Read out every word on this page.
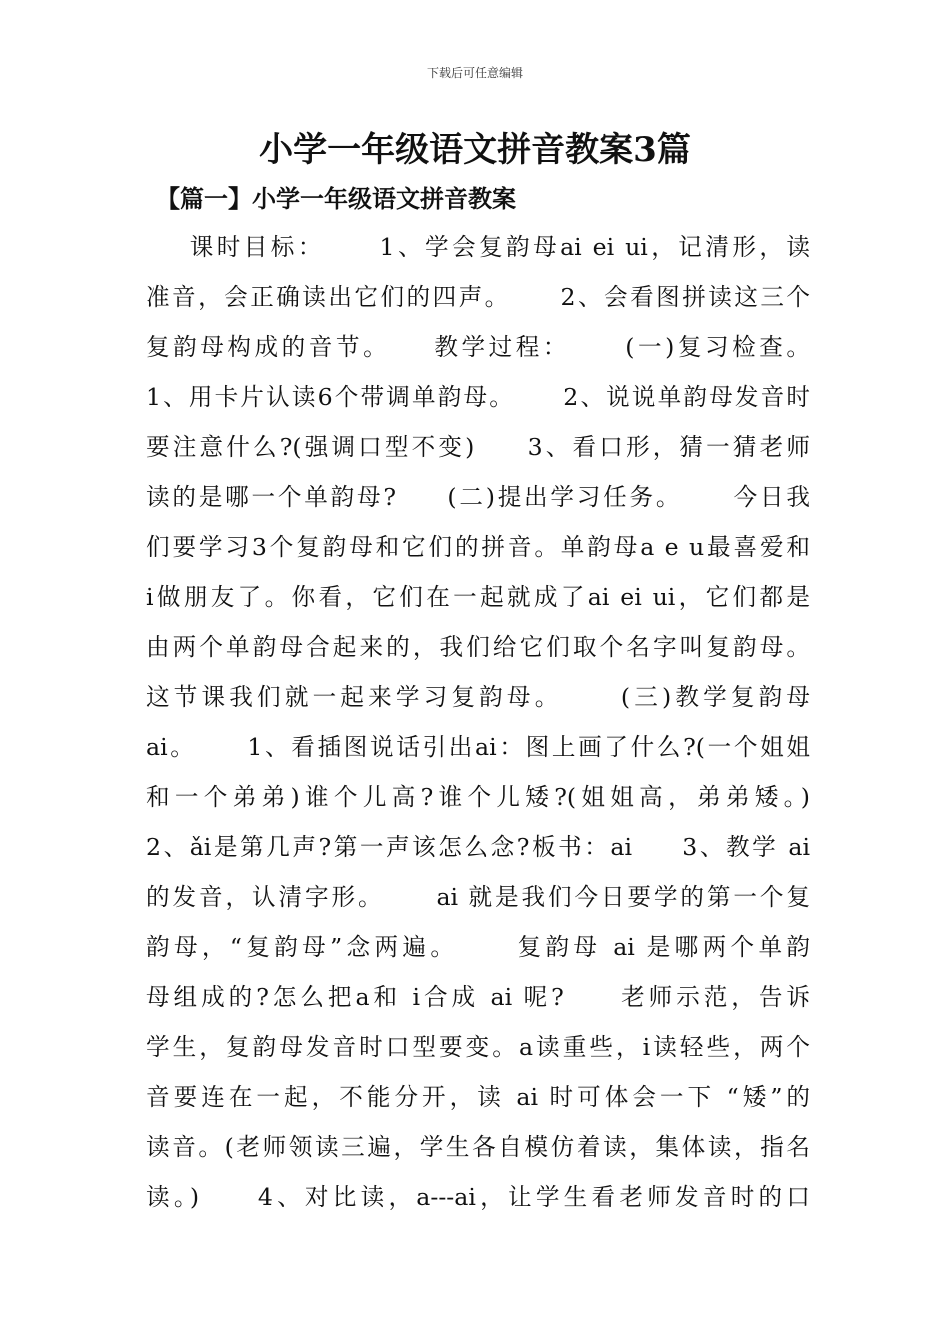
下载后可任意编辑
小学一年级语文拼音教案3篇
【篇一】小学一年级语文拼音教案
课时目标：     1、学会复韵母ai ei ui，记清形，读
准音，会正确读出它们的四声。     2、会看图拼读这三个
复韵母构成的音节。    教学过程：     (一)复习检查。
1、用卡片认读6个带调单韵母。     2、说说单韵母发音时
要注意什么?(强调口型不变)     3、看口形，猜一猜老师
读的是哪一个单韵母?     (二)提出学习任务。     今日我
们要学习3个复韵母和它们的拼音。单韵母a e u最喜爱和
i做朋友了。你看，它们在一起就成了ai ei ui，它们都是
由两个单韵母合起来的，我们给它们取个名字叫复韵母。
这节课我们就一起来学习复韵母。     (三)教学复韵母
ai。     1、看插图说话引出ai：图上画了什么?(一个姐姐
和一个弟弟)谁个儿高?谁个儿矮?(姐姐高，弟弟矮。)
2、ǎi是第几声?第一声该怎么念?板书：ai     3、教学 ai
的发音，认清字形。     ai 就是我们今日要学的第一个复
韵母，“复韵母”念两遍。     复韵母 ai 是哪两个单韵
母组成的?怎么把a和 i合成 ai 呢?     老师示范，告诉
学生，复韵母发音时口型要变。a读重些，i读轻些，两个
音要连在一起，不能分开，读 ai 时可体会一下 “矮”的
读音。(老师领读三遍，学生各自模仿着读，集体读，指名
读。)     4、对比读，a---ai，让学生看老师发音时的口
